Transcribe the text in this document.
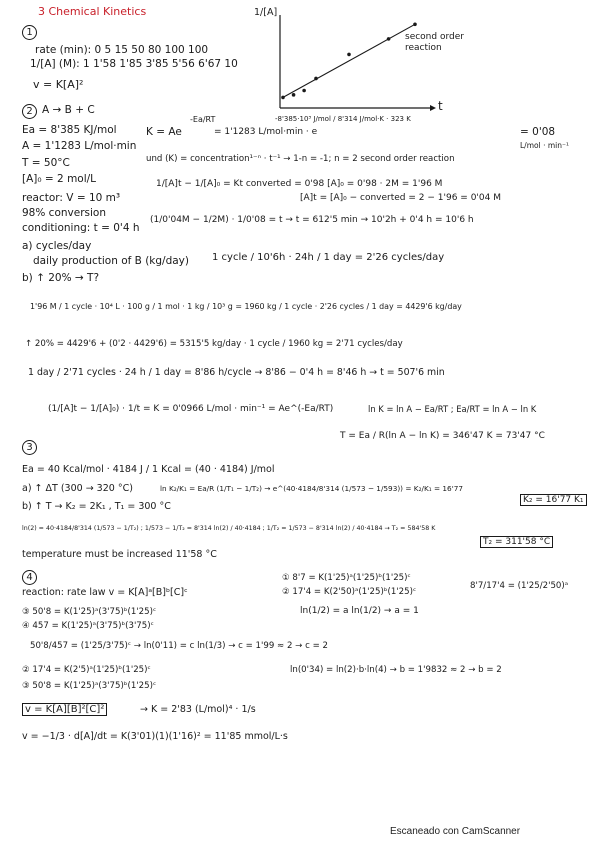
3 Chemical Kinetics	1/[A]
t
second order reaction
1
rate (min): 0 5 15 50 80 100 100
1/[A] (M): 1 1'58 1'85 3'85 5'56 6'67 10
v = K[A]²
2 A → B + C
Ea = 8'385 KJ/mol
A = 1'1283 L/mol·min
T = 50°C
[A]₀ = 2 mol/L
reactor: V = 10 m³
98% conversion
conditioning: t = 0'4 h
K = Ae
-Ea/RT
= 1'1283 L/mol·min · e
-8'385·10³ J/mol / 8'314 J/mol·K · 323 K
= 0'08
L/mol · min⁻¹
und (K) = concentration¹⁻ⁿ · t⁻¹ → 1-n = -1; n = 2 second order reaction
1/[A]t − 1/[A]₀ = Kt converted = 0'98 [A]₀ = 0'98 · 2M = 1'96 M
[A]t = [A]₀ − converted = 2 − 1'96 = 0'04 M
(1/0'04M − 1/2M) · 1/0'08 = t → t = 612'5 min → 10'2h + 0'4 h = 10'6 h
a) cycles/day
daily production of B (kg/day) 1 cycle / 10'6h · 24h / 1 day = 2'26 cycles/day
b) ↑ 20% → T?
1'96 M / 1 cycle · 10⁴ L · 100 g / 1 mol · 1 kg / 10³ g = 1960 kg / 1 cycle · 2'26 cycles / 1 day = 4429'6 kg/day
↑ 20% = 4429'6 + (0'2 · 4429'6) = 5315'5 kg/day · 1 cycle / 1960 kg = 2'71 cycles/day
1 day / 2'71 cycles · 24 h / 1 day = 8'86 h/cycle → 8'86 − 0'4 h = 8'46 h → t = 507'6 min
(1/[A]t − 1/[A]₀) · 1/t = K = 0'0966 L/mol · min⁻¹ = Ae^(-Ea/RT)	ln K = ln A − Ea/RT ; Ea/RT = ln A − ln K
T = Ea / R(ln A − ln K) = 346'47 K = 73'47 °C
3
Ea = 40 Kcal/mol · 4184 J / 1 Kcal = (40 · 4184) J/mol
a) ↑ ΔT (300 → 320 °C)	ln K₂/K₁ = Ea/R (1/T₁ − 1/T₂) → e^(40·4184/8'314 (1/573 − 1/593)) = K₂/K₁ = 16'77
K₂ = 16'77 K₁
b) ↑ T → K₂ = 2K₁ , T₁ = 300 °C
ln(2) = 40·4184/8'314 (1/573 − 1/T₂) ; 1/573 − 1/T₂ = 8'314 ln(2) / 40·4184 ; 1/T₂ = 1/573 − 8'314 ln(2) / 40·4184 → T₂ = 584'58 K
T₂ = 311'58 °C
temperature must be increased 11'58 °C
4
reaction: rate law v = K[A]ᵃ[B]ᵇ[C]ᶜ
① 8'7 = K(1'25)ᵃ(1'25)ᵇ(1'25)ᶜ
② 17'4 = K(2'50)ᵃ(1'25)ᵇ(1'25)ᶜ
8'7/17'4 = (1'25/2'50)ᵃ
ln(1/2) = a ln(1/2) → a = 1
③ 50'8 = K(1'25)ᵃ(3'75)ᵇ(1'25)ᶜ
④ 457 = K(1'25)ᵃ(3'75)ᵇ(3'75)ᶜ
50'8/457 = (1'25/3'75)ᶜ → ln(0'11) = c ln(1/3) → c = 1'99 ≈ 2 → c = 2
② 17'4 = K(2'5)ᵃ(1'25)ᵇ(1'25)ᶜ
③ 50'8 = K(1'25)ᵃ(3'75)ᵇ(1'25)ᶜ
ln(0'34) = ln(2)·b·ln(4) → b = 1'9832 ≈ 2 → b = 2
v = K[A][B]²[C]²	→ K = 2'83 (L/mol)⁴ · 1/s
v = −1/3 · d[A]/dt = K(3'01)(1)(1'16)² = 11'85 mmol/L·s
Escaneado con CamScanner
